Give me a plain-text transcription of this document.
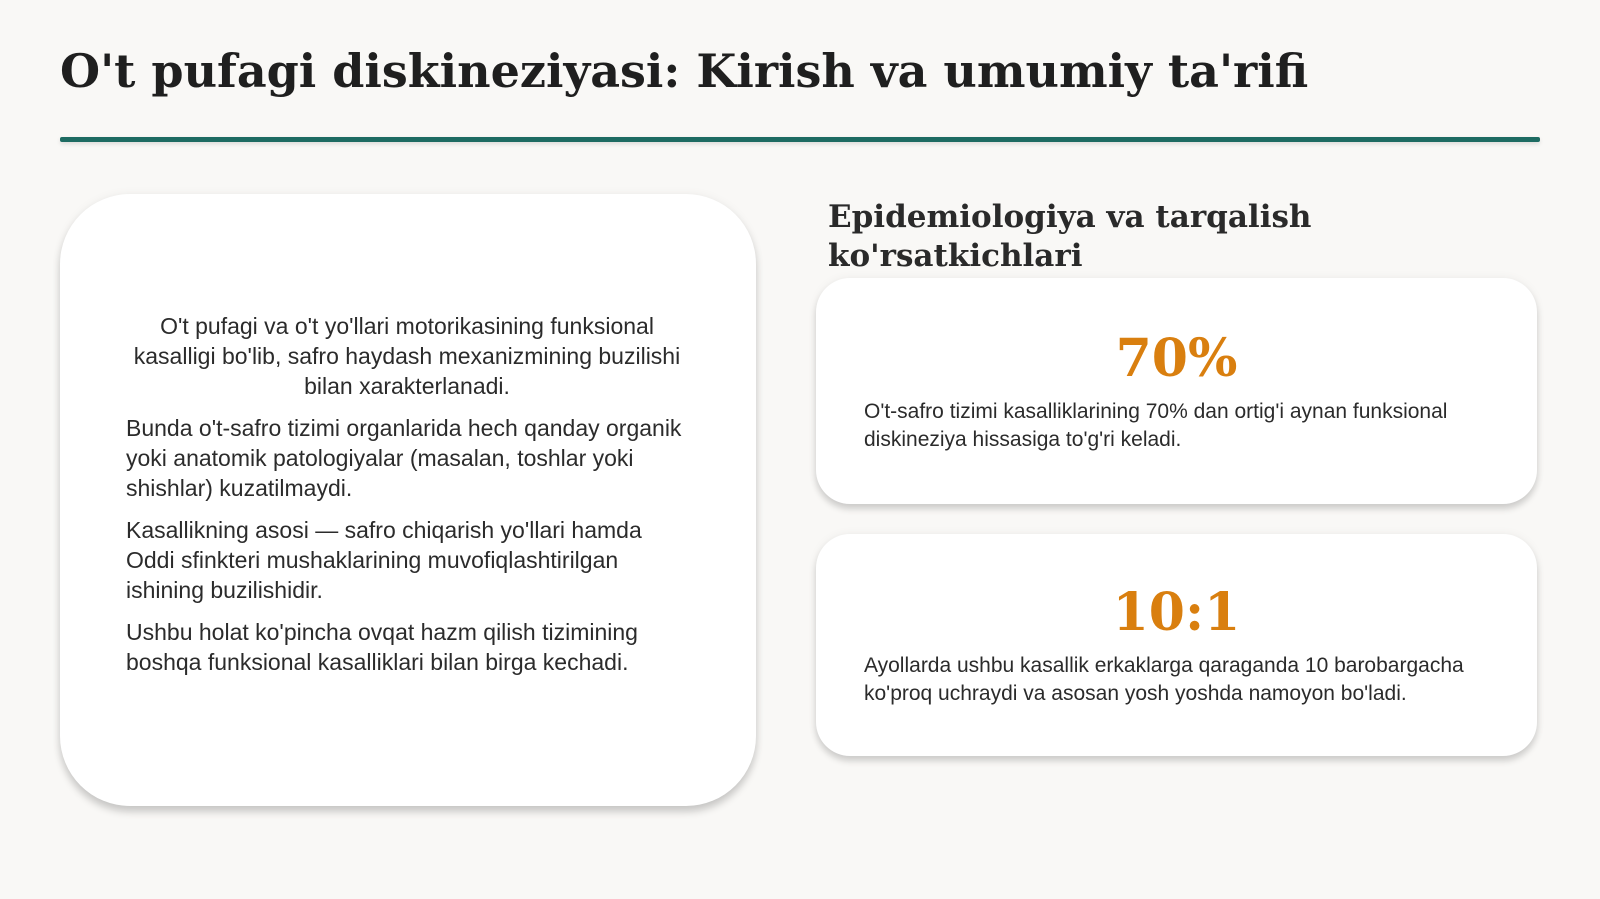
O't pufagi diskineziyasi: Kirish va umumiy ta'rifi

O't pufagi va o't yo'llari motorikasining funksional kasalligi bo'lib, safro haydash mexanizmining buzilishi bilan xarakterlanadi.

Bunda o't-safro tizimi organlarida hech qanday organik yoki anatomik patologiyalar (masalan, toshlar yoki shishlar) kuzatilmaydi.

Kasallikning asosi — safro chiqarish yo'llari hamda Oddi sfinkteri mushaklarining muvofiqlashtirilgan ishining buzilishidir.

Ushbu holat ko'pincha ovqat hazm qilish tizimining boshqa funksional kasalliklari bilan birga kechadi.

Epidemiologiya va tarqalish ko'rsatkichlari

70%

O't-safro tizimi kasalliklarining 70% dan ortig'i aynan funksional diskineziya hissasiga to'g'ri keladi.

10:1

Ayollarda ushbu kasallik erkaklarga qaraganda 10 barobargacha ko'proq uchraydi va asosan yosh yoshda namoyon bo'ladi.
